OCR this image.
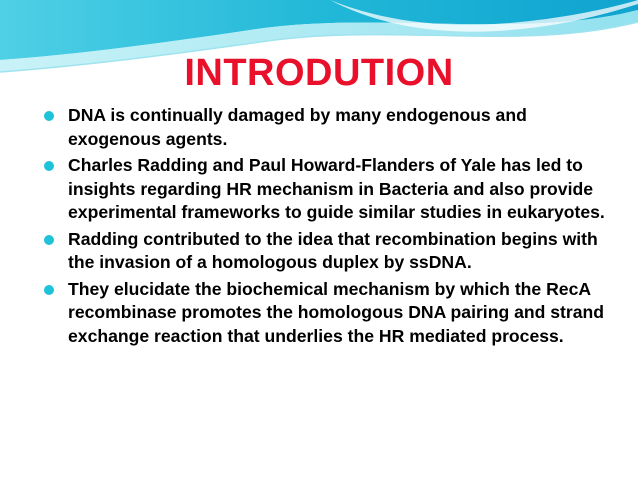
INTRODUTION
DNA is continually damaged by many endogenous and exogenous agents.
Charles Radding and Paul Howard-Flanders of Yale has led to insights regarding HR mechanism in Bacteria and also provide experimental frameworks to guide similar studies in eukaryotes.
Radding contributed to the idea that recombination begins with the invasion of a homologous duplex by ssDNA.
They elucidate the biochemical mechanism by which the RecA recombinase promotes the homologous DNA pairing and strand exchange reaction that underlies the HR mediated process.
